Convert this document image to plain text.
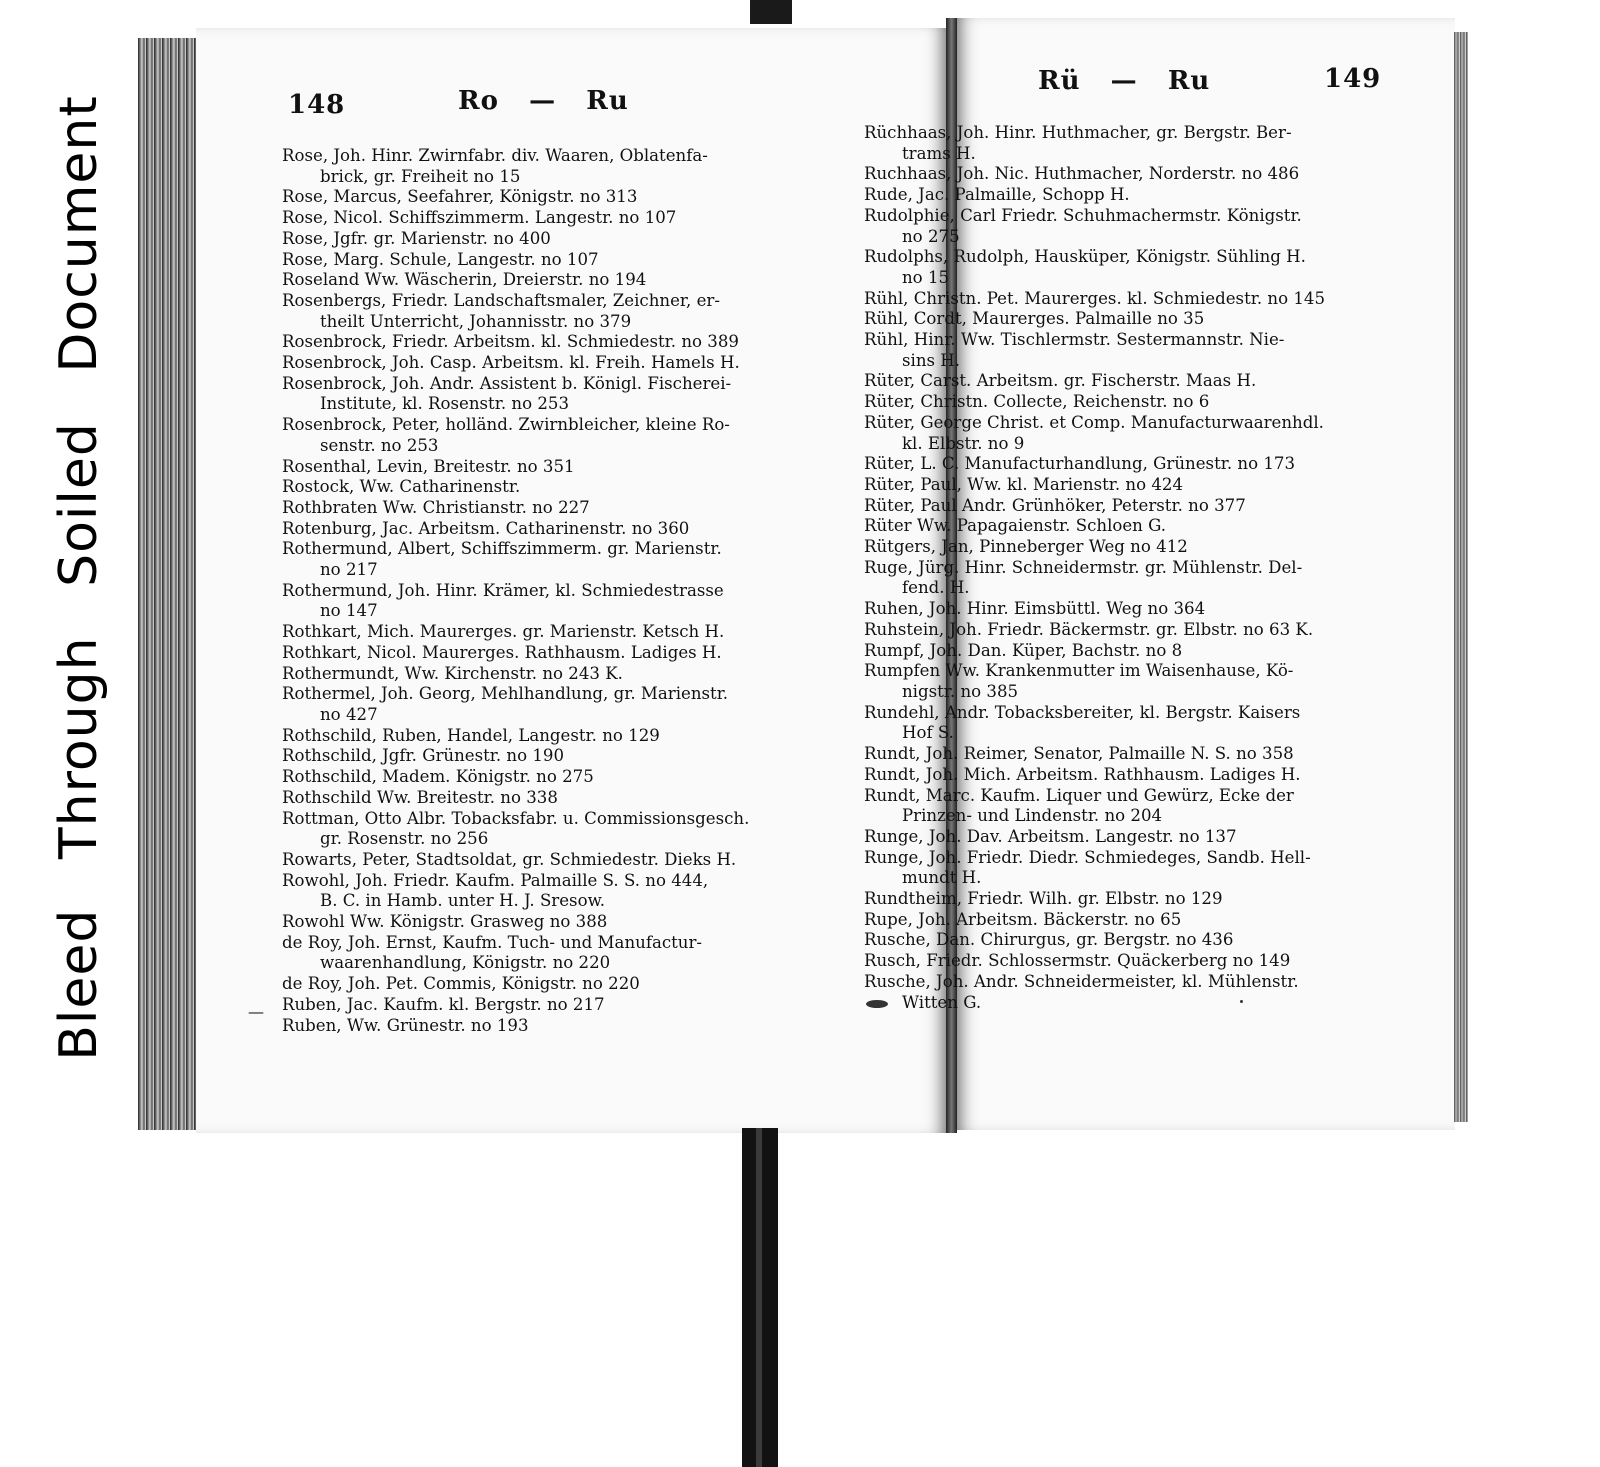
Bleed Through Soiled Document	148	Ro — Ru
Rü — Ru	149
Rose, Joh. Hinr. Zwirnfabr. div. Waaren, Oblatenfa-
brick, gr. Freiheit no 15
Rose, Marcus, Seefahrer, Königstr. no 313
Rose, Nicol. Schiffszimmerm. Langestr. no 107
Rose, Jgfr. gr. Marienstr. no 400
Rose, Marg. Schule, Langestr. no 107
Roseland Ww. Wäscherin, Dreierstr. no 194
Rosenbergs, Friedr. Landschaftsmaler, Zeichner, er-
theilt Unterricht, Johannisstr. no 379
Rosenbrock, Friedr. Arbeitsm. kl. Schmiedestr. no 389
Rosenbrock, Joh. Casp. Arbeitsm. kl. Freih. Hamels H.
Rosenbrock, Joh. Andr. Assistent b. Königl. Fischerei-
Institute, kl. Rosenstr. no 253
Rosenbrock, Peter, holländ. Zwirnbleicher, kleine Ro-
senstr. no 253
Rosenthal, Levin, Breitestr. no 351
Rostock, Ww. Catharinenstr.
Rothbraten Ww. Christianstr. no 227
Rotenburg, Jac. Arbeitsm. Catharinenstr. no 360
Rothermund, Albert, Schiffszimmerm. gr. Marienstr.
no 217
Rothermund, Joh. Hinr. Krämer, kl. Schmiedestrasse
no 147
Rothkart, Mich. Maurerges. gr. Marienstr. Ketsch H.
Rothkart, Nicol. Maurerges. Rathhausm. Ladiges H.
Rothermundt, Ww. Kirchenstr. no 243 K.
Rothermel, Joh. Georg, Mehlhandlung, gr. Marienstr.
no 427
Rothschild, Ruben, Handel, Langestr. no 129
Rothschild, Jgfr. Grünestr. no 190
Rothschild, Madem. Königstr. no 275
Rothschild Ww. Breitestr. no 338
Rottman, Otto Albr. Tobacksfabr. u. Commissionsgesch.
gr. Rosenstr. no 256
Rowarts, Peter, Stadtsoldat, gr. Schmiedestr. Dieks H.
Rowohl, Joh. Friedr. Kaufm. Palmaille S. S. no 444,
B. C. in Hamb. unter H. J. Sresow.
Rowohl Ww. Königstr. Grasweg no 388
de Roy, Joh. Ernst, Kaufm. Tuch- und Manufactur-
waarenhandlung, Königstr. no 220
de Roy, Joh. Pet. Commis, Königstr. no 220
Ruben, Jac. Kaufm. kl. Bergstr. no 217
Ruben, Ww. Grünestr. no 193
Rüchhaas, Joh. Hinr. Huthmacher, gr. Bergstr. Ber-
trams H.
Ruchhaas, Joh. Nic. Huthmacher, Norderstr. no 486
Rude, Jac. Palmaille, Schopp H.
Rudolphie, Carl Friedr. Schuhmachermstr. Königstr.
no 275
Rudolphs, Rudolph, Hausküper, Königstr. Sühling H.
no 15
Rühl, Christn. Pet. Maurerges. kl. Schmiedestr. no 145
Rühl, Cordt, Maurerges. Palmaille no 35
Rühl, Hinr. Ww. Tischlermstr. Sestermannstr. Nie-
sins H.
Rüter, Carst. Arbeitsm. gr. Fischerstr. Maas H.
Rüter, Christn. Collecte, Reichenstr. no 6
Rüter, George Christ. et Comp. Manufacturwaarenhdl.
kl. Elbstr. no 9
Rüter, L. C. Manufacturhandlung, Grünestr. no 173
Rüter, Paul, Ww. kl. Marienstr. no 424
Rüter, Paul Andr. Grünhöker, Peterstr. no 377
Rüter Ww. Papagaienstr. Schloen G.
Rütgers, Jan, Pinneberger Weg no 412
Ruge, Jürg. Hinr. Schneidermstr. gr. Mühlenstr. Del-
fend. H.
Ruhen, Joh. Hinr. Eimsbüttl. Weg no 364
Ruhstein, Joh. Friedr. Bäckermstr. gr. Elbstr. no 63 K.
Rumpf, Joh. Dan. Küper, Bachstr. no 8
Rumpfen Ww. Krankenmutter im Waisenhause, Kö-
nigstr. no 385
Rundehl, Andr. Tobacksbereiter, kl. Bergstr. Kaisers
Hof S.
Rundt, Joh. Reimer, Senator, Palmaille N. S. no 358
Rundt, Joh. Mich. Arbeitsm. Rathhausm. Ladiges H.
Rundt, Marc. Kaufm. Liquer und Gewürz, Ecke der
Prinzen- und Lindenstr. no 204
Runge, Joh. Dav. Arbeitsm. Langestr. no 137
Runge, Joh. Friedr. Diedr. Schmiedeges, Sandb. Hell-
mundt H.
Rundtheim, Friedr. Wilh. gr. Elbstr. no 129
Rupe, Joh. Arbeitsm. Bäckerstr. no 65
Rusche, Dan. Chirurgus, gr. Bergstr. no 436
Rusch, Friedr. Schlossermstr. Quäckerberg no 149
Rusche, Joh. Andr. Schneidermeister, kl. Mühlenstr.
Witten G.
—
